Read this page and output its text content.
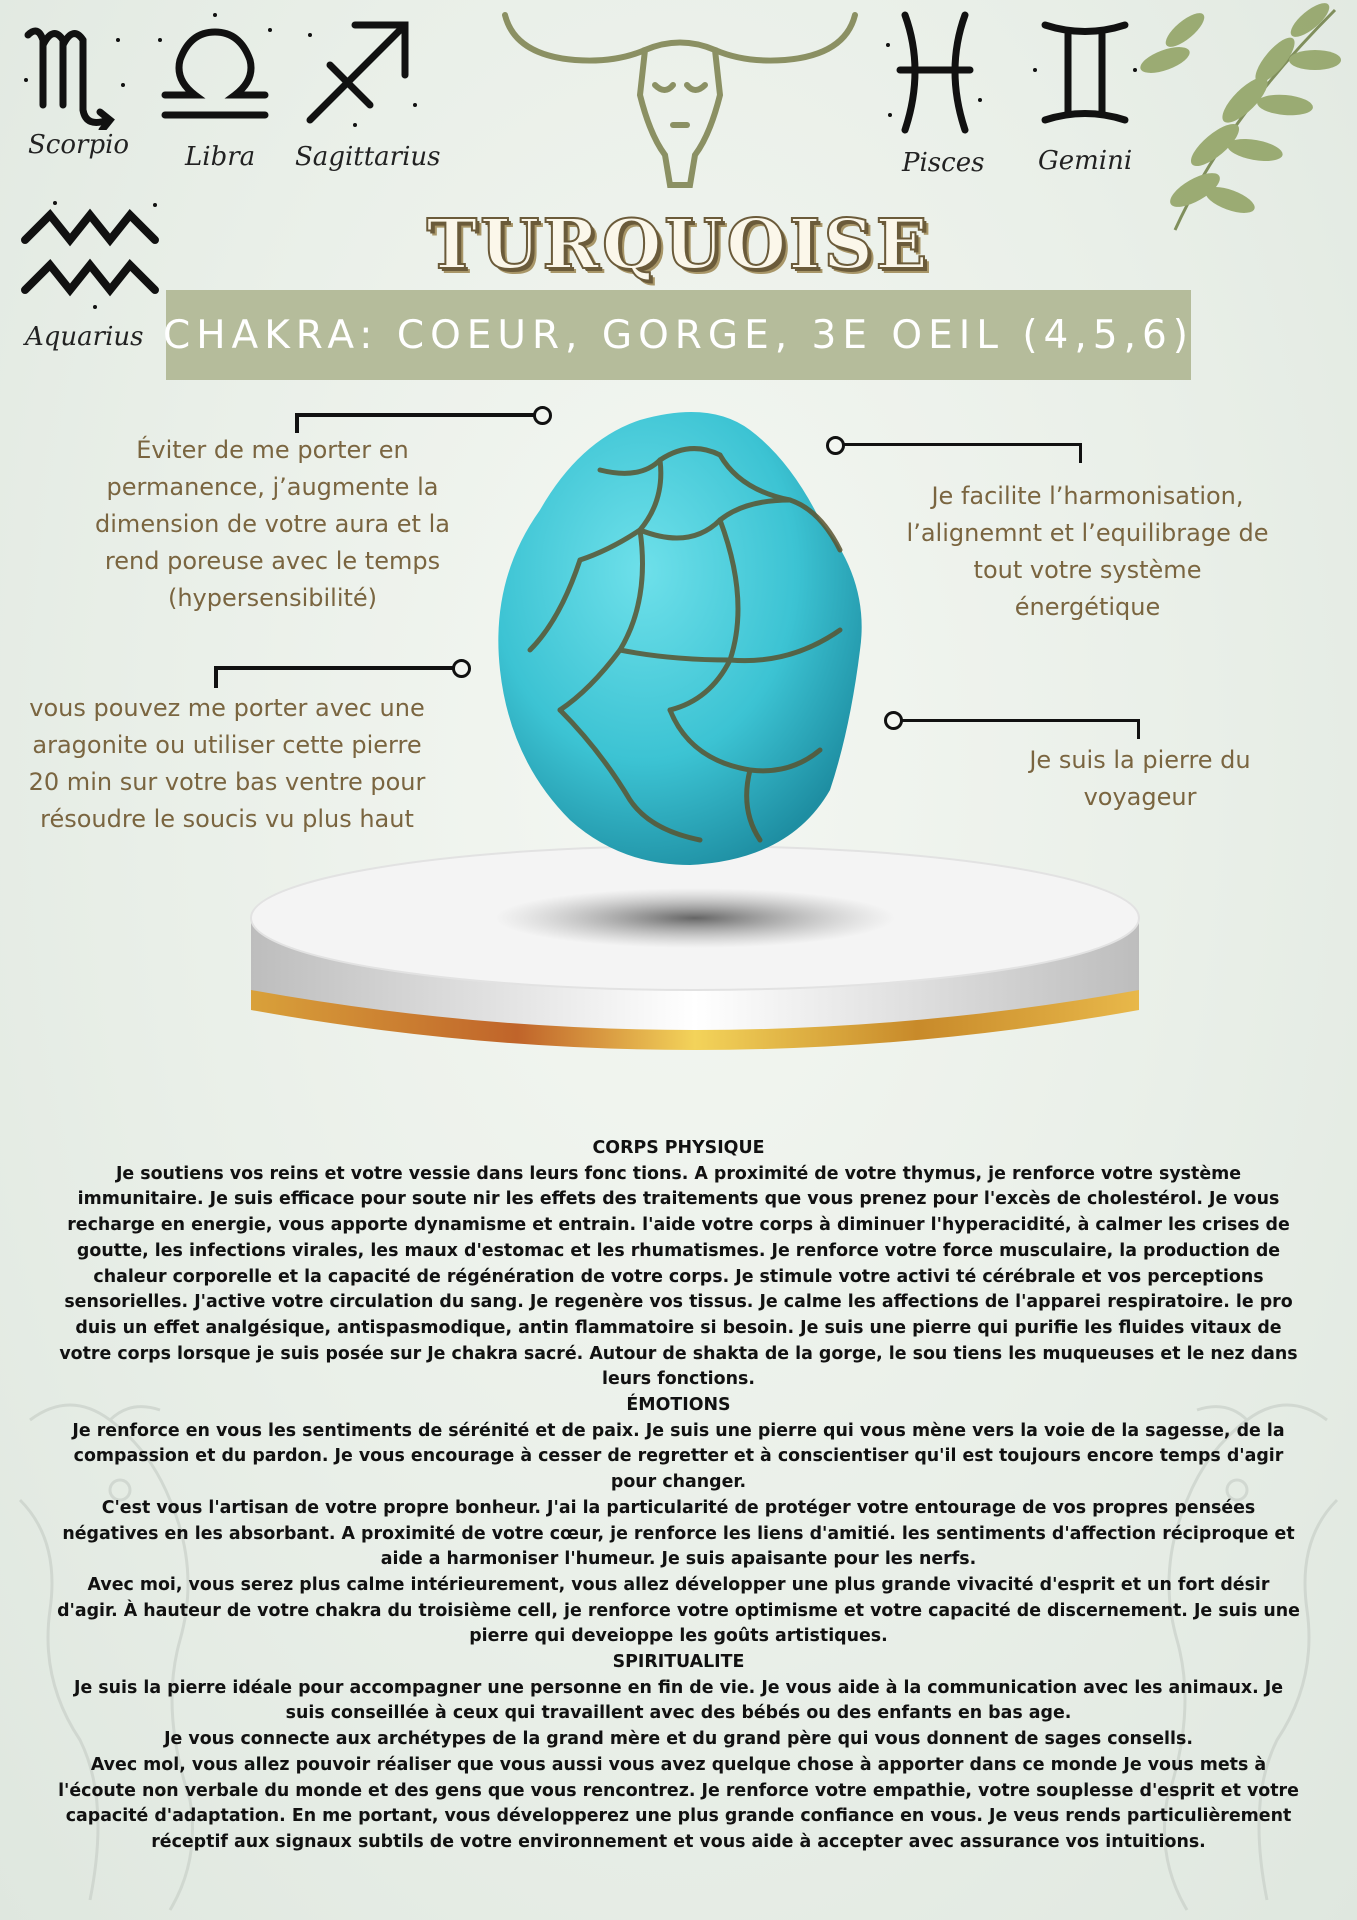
Scorpio Libra Sagittarius	Pisces Gemini
Aquarius
TURQUOISE
CHAKRA: COEUR, GORGE, 3E OEIL (4,5,6)
Éviter de me porter en permanence, j’augmente la dimension de votre aura et la rend poreuse avec le temps (hypersensibilité)
vous pouvez me porter avec une aragonite ou utiliser cette pierre 20 min sur votre bas ventre pour résoudre le soucis vu plus haut
Je facilite l’harmonisation, l’alignemnt et l’equilibrage de tout votre système énergétique
Je suis la pierre du voyageur

CORPS PHYSIQUE

Je soutiens vos reins et votre vessie dans leurs fonc tions. A proximité de votre thymus, je renforce votre système immunitaire. Je suis efficace pour soute nir les effets des traitements que vous prenez pour l'excès de cholestérol. Je vous recharge en energie, vous apporte dynamisme et entrain. l'aide votre corps à diminuer l'hyperacidité, à calmer les crises de goutte, les infections virales, les maux d'estomac et les rhumatismes. Je renforce votre force musculaire, la production de chaleur corporelle et la capacité de régénération de votre corps. Je stimule votre activi té cérébrale et vos perceptions sensorielles. J'active votre circulation du sang. Je regenère vos tissus. Je calme les affections de l'apparei respiratoire. le pro duis un effet analgésique, antispasmodique, antin flammatoire si besoin. Je suis une pierre qui purifie les fluides vitaux de votre corps lorsque je suis posée sur Je chakra sacré. Autour de shakta de la gorge, le sou tiens les muqueuses et le nez dans leurs fonctions.

ÉMOTIONS

Je renforce en vous les sentiments de sérénité et de paix. Je suis une pierre qui vous mène vers la voie de la sagesse, de la compassion et du pardon. Je vous encourage à cesser de regretter et à conscientiser qu'il est toujours encore temps d'agir pour changer.

C'est vous l'artisan de votre propre bonheur. J'ai la particularité de protéger votre entourage de vos propres pensées négatives en les absorbant. A proximité de votre cœur, je renforce les liens d'amitié. les sentiments d'affection réciproque et aide a harmoniser l'humeur. Je suis apaisante pour les nerfs.

Avec moi, vous serez plus calme intérieurement, vous allez développer une plus grande vivacité d'esprit et un fort désir d'agir. À hauteur de votre chakra du troisième cell, je renforce votre optimisme et votre capacité de discernement. Je suis une pierre qui deveioppe les goûts artistiques.

SPIRITUALITE

Je suis la pierre idéale pour accompagner une personne en fin de vie. Je vous aide à la communication avec les animaux. Je suis conseillée à ceux qui travaillent avec des bébés ou des enfants en bas age.

Je vous connecte aux archétypes de la grand mère et du grand père qui vous donnent de sages consells.

Avec mol, vous allez pouvoir réaliser que vous aussi vous avez quelque chose à apporter dans ce monde Je vous mets à l'écoute non verbale du monde et des gens que vous rencontrez. Je renforce votre empathie, votre souplesse d'esprit et votre capacité d'adaptation. En me portant, vous développerez une plus grande confiance en vous. Je veus rends particulièrement réceptif aux signaux subtils de votre environnement et vous aide à accepter avec assurance vos intuitions.
